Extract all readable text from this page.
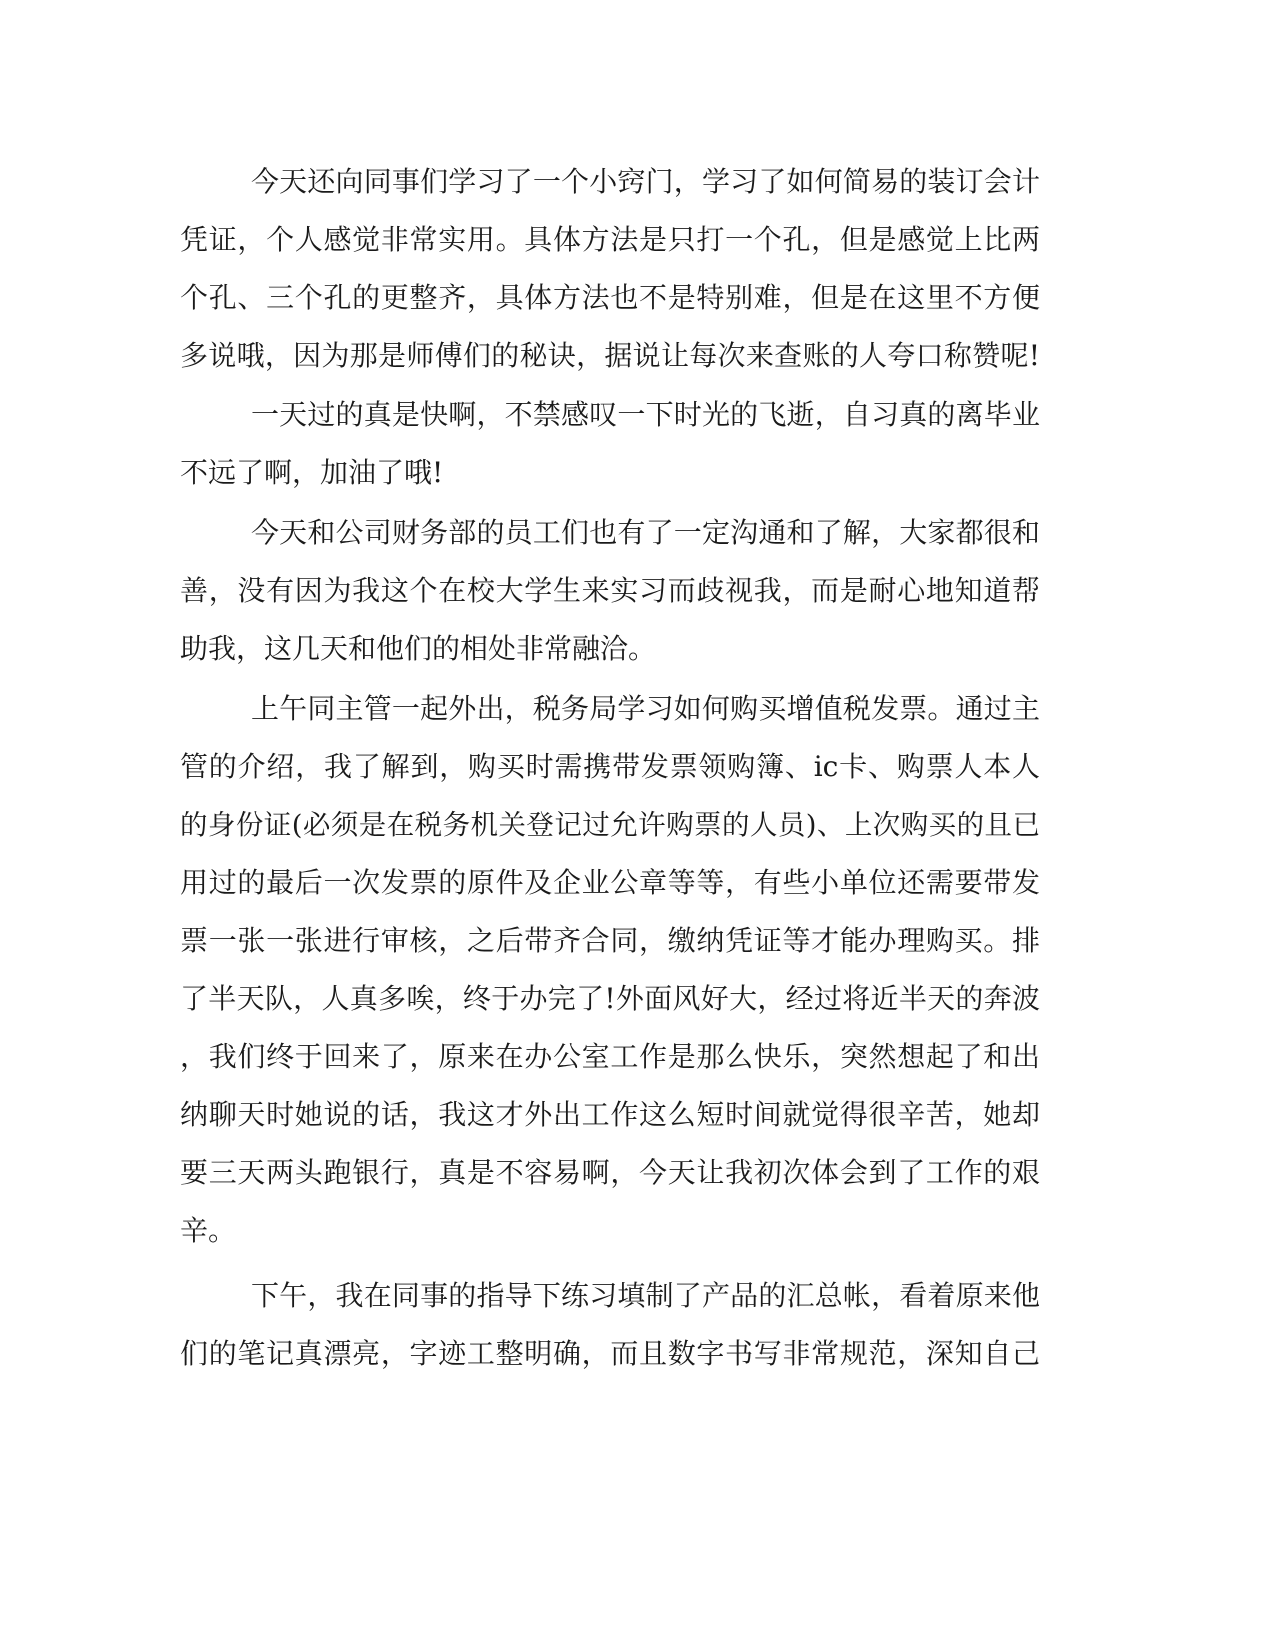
今天还向同事们学习了一个小窍门，学习了如何简易的装订会计
凭证，个人感觉非常实用。具体方法是只打一个孔，但是感觉上比两
个孔、三个孔的更整齐，具体方法也不是特别难，但是在这里不方便
多说哦，因为那是师傅们的秘诀，据说让每次来查账的人夸口称赞呢!
一天过的真是快啊，不禁感叹一下时光的飞逝，自习真的离毕业
不远了啊，加油了哦!
今天和公司财务部的员工们也有了一定沟通和了解，大家都很和
善，没有因为我这个在校大学生来实习而歧视我，而是耐心地知道帮
助我，这几天和他们的相处非常融洽。
上午同主管一起外出，税务局学习如何购买增值税发票。通过主
管的介绍，我了解到，购买时需携带发票领购簿、ic卡、购票人本人
的身份证(必须是在税务机关登记过允许购票的人员)、上次购买的且已
用过的最后一次发票的原件及企业公章等等，有些小单位还需要带发
票一张一张进行审核，之后带齐合同，缴纳凭证等才能办理购买。排
了半天队，人真多唉，终于办完了!外面风好大，经过将近半天的奔波
，我们终于回来了，原来在办公室工作是那么快乐，突然想起了和出
纳聊天时她说的话，我这才外出工作这么短时间就觉得很辛苦，她却
要三天两头跑银行，真是不容易啊，今天让我初次体会到了工作的艰
辛。
下午，我在同事的指导下练习填制了产品的汇总帐，看着原来他
们的笔记真漂亮，字迹工整明确，而且数字书写非常规范，深知自己
